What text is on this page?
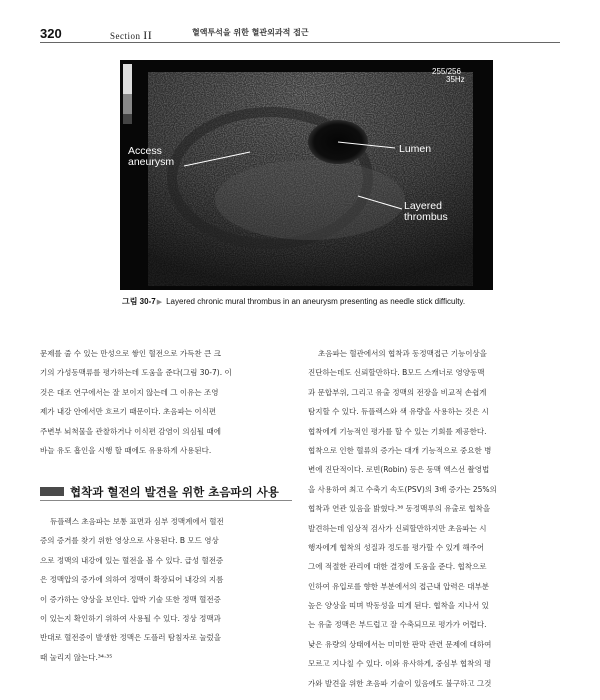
320	Section II	혈액투석을 위한 혈관외과적 접근
255/256
35Hz
Access
aneurysm
Lumen
Layered
thrombus
그림 30-7▶ Layered chronic mural thrombus in an aneurysm presenting as needle stick difficulty.
문제를 줄 수 있는 만성으로 쌓인 혈전으로 가득찬 큰 크
기의 가성동맥류를 평가하는데 도움을 준다(그림 30-7). 이
것은 대조 연구에서는 잘 보이지 않는데 그 이유는 조영
제가 내강 안에서만 흐르기 때문이다. 초음파는 이식편
주변부 뇌척물을 관찰하거나 이식편 감염이 의심될 때에
바늘 유도 흡인을 시행 할 때에도 유용하게 사용된다.
협착과 혈전의 발견을 위한 초음파의 사용
듀플렉스 초음파는 보통 표면과 심부 정맥계에서 혈전
증의 증거를 찾기 위한 영상으로 사용된다. B 모드 영상
으로 정맥의 내강에 있는 혈전을 볼 수 있다. 급성 혈전증
은 정맥압의 증가에 의하여 정맥이 확장되어 내강의 지름
이 증가하는 양상을 보인다. 압박 기술 또한 정맥 혈전증
이 있는지 확인하기 위하여 사용될 수 있다. 정상 정맥과
반대로 혈전증이 발생한 정맥은 도플러 탐침자로 눌렀을
때 눌리지 않는다.³⁴·³⁵
초음파는 혈관에서의 협착과 동정맥접근 기능이상을
진단하는데도 신뢰할만하다. B모드 스캐너로 영양동맥
과 문합부위, 그리고 유출 정맥의 전장을 비교적 손쉽게
탐지할 수 있다. 듀플렉스와 색 유량을 사용하는 것은 시
협착에게 기능적인 평가를 할 수 있는 기회를 제공한다.
협착으로 인한 혈류의 증가는 대개 기능적으로 중요한 병
변에 진단적이다. 로빈(Robin) 등은 동맥 엑스선 촬영법
을 사용하여 최고 수축기 속도(PSV)의 3배 증가는 25%의
협착과 연관 있음을 밝혔다.³⁶ 동정맥루의 유출로 협착을
발견하는데 임상적 검사가 신뢰할만하지만 초음파는 시
행자에게 협착의 성질과 정도를 평가할 수 있게 해주어
그에 적절한 관리에 대한 결정에 도움을 준다. 협착으로
인하여 유입로를 향한 부분에서의 접근내 압력은 대부분
높은 양상을 띠며 박동성을 띠게 된다. 협착을 지나서 있
는 유출 정맥은 부드럽고 잘 수축되므로 평가가 어렵다.
낮은 유량의 상태에서는 미미한 판막 관련 문제에 대하여
모르고 지나칠 수 있다. 이와 유사하게, 중심부 협착의 평
가와 발견을 위한 초음파 기술이 있음에도 불구하고 그것
